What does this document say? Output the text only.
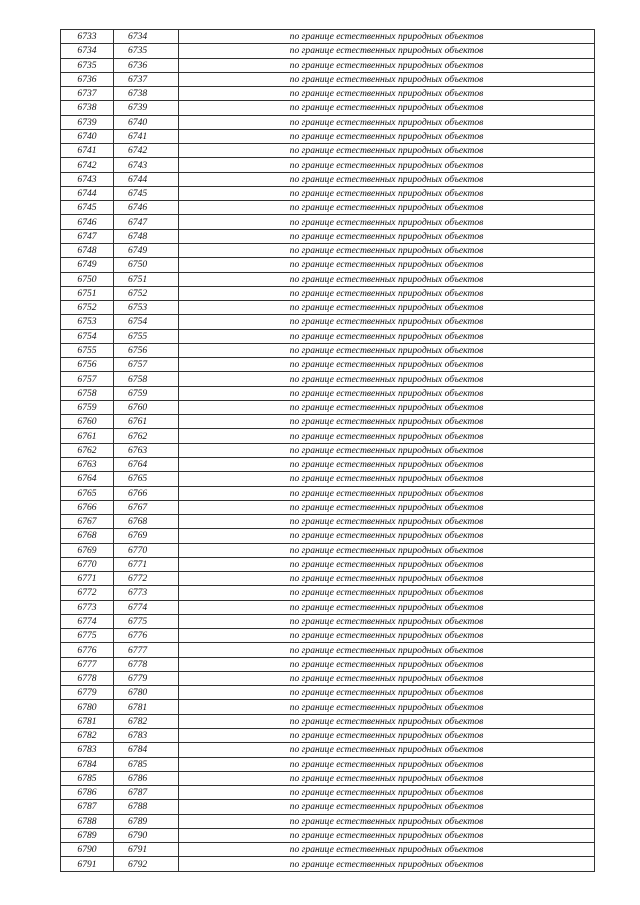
6733	6734	по границе естественных природных объектов
6734	6735	по границе естественных природных объектов
6735	6736	по границе естественных природных объектов
6736	6737	по границе естественных природных объектов
6737	6738	по границе естественных природных объектов
6738	6739	по границе естественных природных объектов
6739	6740	по границе естественных природных объектов
6740	6741	по границе естественных природных объектов
6741	6742	по границе естественных природных объектов
6742	6743	по границе естественных природных объектов
6743	6744	по границе естественных природных объектов
6744	6745	по границе естественных природных объектов
6745	6746	по границе естественных природных объектов
6746	6747	по границе естественных природных объектов
6747	6748	по границе естественных природных объектов
6748	6749	по границе естественных природных объектов
6749	6750	по границе естественных природных объектов
6750	6751	по границе естественных природных объектов
6751	6752	по границе естественных природных объектов
6752	6753	по границе естественных природных объектов
6753	6754	по границе естественных природных объектов
6754	6755	по границе естественных природных объектов
6755	6756	по границе естественных природных объектов
6756	6757	по границе естественных природных объектов
6757	6758	по границе естественных природных объектов
6758	6759	по границе естественных природных объектов
6759	6760	по границе естественных природных объектов
6760	6761	по границе естественных природных объектов
6761	6762	по границе естественных природных объектов
6762	6763	по границе естественных природных объектов
6763	6764	по границе естественных природных объектов
6764	6765	по границе естественных природных объектов
6765	6766	по границе естественных природных объектов
6766	6767	по границе естественных природных объектов
6767	6768	по границе естественных природных объектов
6768	6769	по границе естественных природных объектов
6769	6770	по границе естественных природных объектов
6770	6771	по границе естественных природных объектов
6771	6772	по границе естественных природных объектов
6772	6773	по границе естественных природных объектов
6773	6774	по границе естественных природных объектов
6774	6775	по границе естественных природных объектов
6775	6776	по границе естественных природных объектов
6776	6777	по границе естественных природных объектов
6777	6778	по границе естественных природных объектов
6778	6779	по границе естественных природных объектов
6779	6780	по границе естественных природных объектов
6780	6781	по границе естественных природных объектов
6781	6782	по границе естественных природных объектов
6782	6783	по границе естественных природных объектов
6783	6784	по границе естественных природных объектов
6784	6785	по границе естественных природных объектов
6785	6786	по границе естественных природных объектов
6786	6787	по границе естественных природных объектов
6787	6788	по границе естественных природных объектов
6788	6789	по границе естественных природных объектов
6789	6790	по границе естественных природных объектов
6790	6791	по границе естественных природных объектов
6791	6792	по границе естественных природных объектов
